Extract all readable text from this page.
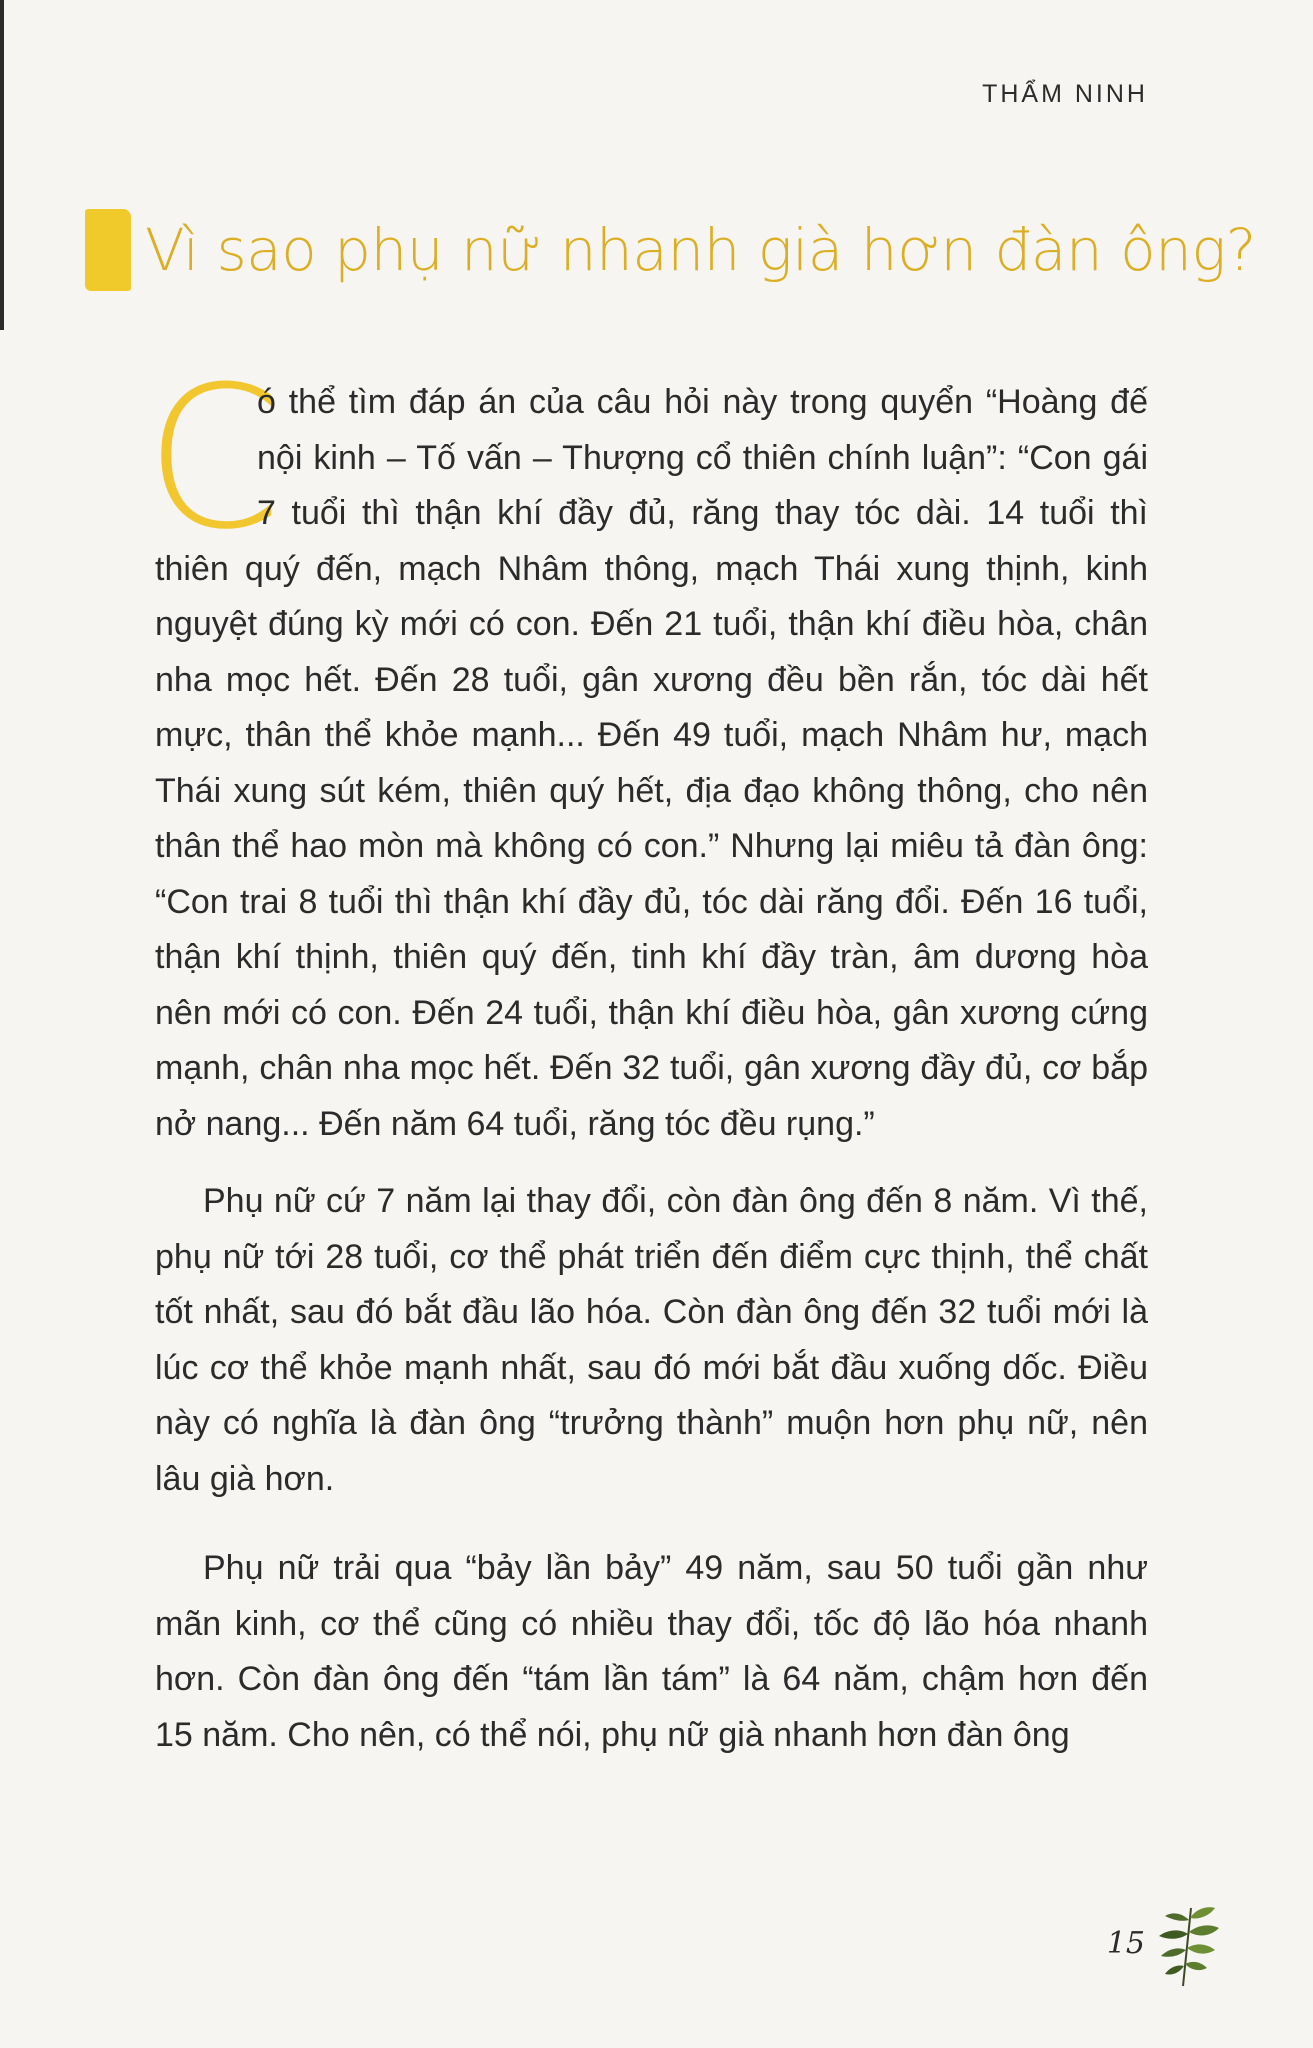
THẨM NINH
Vì sao phụ nữ nhanh già hơn đàn ông?

C
ó thể tìm đáp án của câu hỏi này trong quyển “Hoàng đế nội kinh – Tố vấn – Thượng cổ thiên chính luận”: “Con gái 7 tuổi thì thận khí đầy đủ, răng thay tóc dài. 14 tuổi thì thiên quý đến, mạch Nhâm thông, mạch Thái xung thịnh, kinh nguyệt đúng kỳ mới có con. Đến 21 tuổi, thận khí điều hòa, chân nha mọc hết. Đến 28 tuổi, gân xương đều bền rắn, tóc dài hết mực, thân thể khỏe mạnh... Đến 49 tuổi, mạch Nhâm hư, mạch Thái xung sút kém, thiên quý hết, địa đạo không thông, cho nên thân thể hao mòn mà không có con.” Nhưng lại miêu tả đàn ông: “Con trai 8 tuổi thì thận khí đầy đủ, tóc dài răng đổi. Đến 16 tuổi, thận khí thịnh, thiên quý đến, tinh khí đầy tràn, âm dương hòa nên mới có con. Đến 24 tuổi, thận khí điều hòa, gân xương cứng mạnh, chân nha mọc hết. Đến 32 tuổi, gân xương đầy đủ, cơ bắp nở nang... Đến năm 64 tuổi, răng tóc đều rụng.”

Phụ nữ cứ 7 năm lại thay đổi, còn đàn ông đến 8 năm. Vì thế, phụ nữ tới 28 tuổi, cơ thể phát triển đến điểm cực thịnh, thể chất tốt nhất, sau đó bắt đầu lão hóa. Còn đàn ông đến 32 tuổi mới là lúc cơ thể khỏe mạnh nhất, sau đó mới bắt đầu xuống dốc. Điều này có nghĩa là đàn ông “trưởng thành” muộn hơn phụ nữ, nên lâu già hơn.

Phụ nữ trải qua “bảy lần bảy” 49 năm, sau 50 tuổi gần như mãn kinh, cơ thể cũng có nhiều thay đổi, tốc độ lão hóa nhanh hơn. Còn đàn ông đến “tám lần tám” là 64 năm, chậm hơn đến 15 năm. Cho nên, có thể nói, phụ nữ già nhanh hơn đàn ông

15
